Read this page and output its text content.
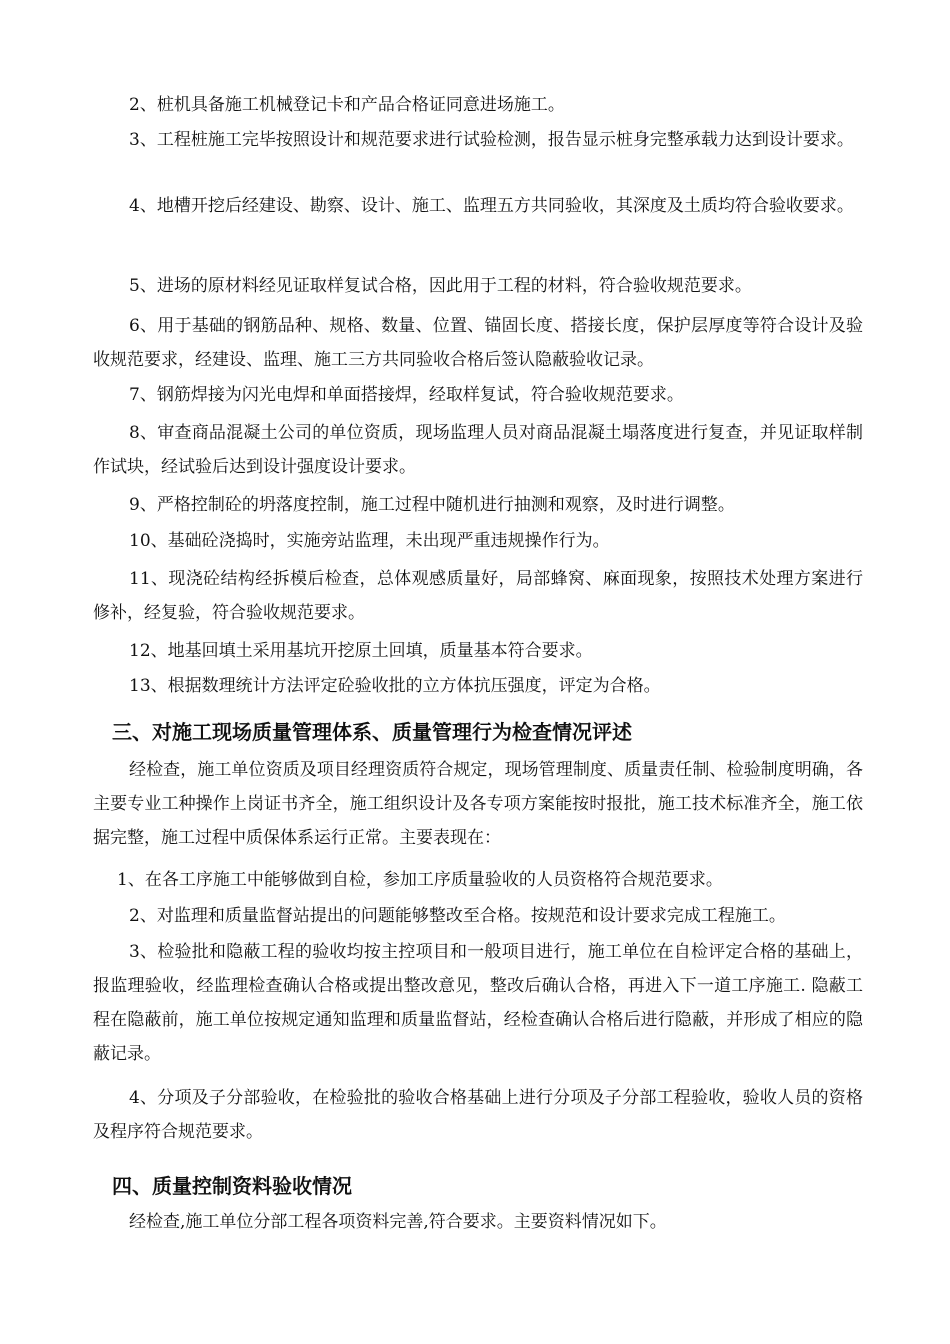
2、桩机具备施工机械登记卡和产品合格证同意进场施工。

3、工程桩施工完毕按照设计和规范要求进行试验检测，报告显示桩身完整承载力达到设计要求。

4、地槽开挖后经建设、勘察、设计、施工、监理五方共同验收，其深度及土质均符合验收要求。

5、进场的原材料经见证取样复试合格，因此用于工程的材料，符合验收规范要求。

6、用于基础的钢筋品种、规格、数量、位置、锚固长度、搭接长度，保护层厚度等符合设计及验收规范要求，经建设、监理、施工三方共同验收合格后签认隐蔽验收记录。

7、钢筋焊接为闪光电焊和单面搭接焊，经取样复试，符合验收规范要求。

8、审查商品混凝土公司的单位资质，现场监理人员对商品混凝土塌落度进行复查，并见证取样制作试块，经试验后达到设计强度设计要求。

9、严格控制砼的坍落度控制，施工过程中随机进行抽测和观察，及时进行调整。

10、基础砼浇捣时，实施旁站监理，未出现严重违规操作行为。

11、现浇砼结构经拆模后检查，总体观感质量好，局部蜂窝、麻面现象，按照技术处理方案进行修补，经复验，符合验收规范要求。

12、地基回填土采用基坑开挖原土回填，质量基本符合要求。

13、根据数理统计方法评定砼验收批的立方体抗压强度，评定为合格。

三、对施工现场质量管理体系、质量管理行为检查情况评述

经检查，施工单位资质及项目经理资质符合规定，现场管理制度、质量责任制、检验制度明确，各主要专业工种操作上岗证书齐全，施工组织设计及各专项方案能按时报批，施工技术标准齐全，施工依据完整，施工过程中质保体系运行正常。主要表现在：

1、在各工序施工中能够做到自检，参加工序质量验收的人员资格符合规范要求。

2、对监理和质量监督站提出的问题能够整改至合格。按规范和设计要求完成工程施工。

3、检验批和隐蔽工程的验收均按主控项目和一般项目进行，施工单位在自检评定合格的基础上，报监理验收，经监理检查确认合格或提出整改意见，整改后确认合格，再进入下一道工序施工. 隐蔽工程在隐蔽前，施工单位按规定通知监理和质量监督站，经检查确认合格后进行隐蔽，并形成了相应的隐蔽记录。

4、分项及子分部验收，在检验批的验收合格基础上进行分项及子分部工程验收，验收人员的资格及程序符合规范要求。

四、质量控制资料验收情况

经检查,施工单位分部工程各项资料完善,符合要求。主要资料情况如下。
